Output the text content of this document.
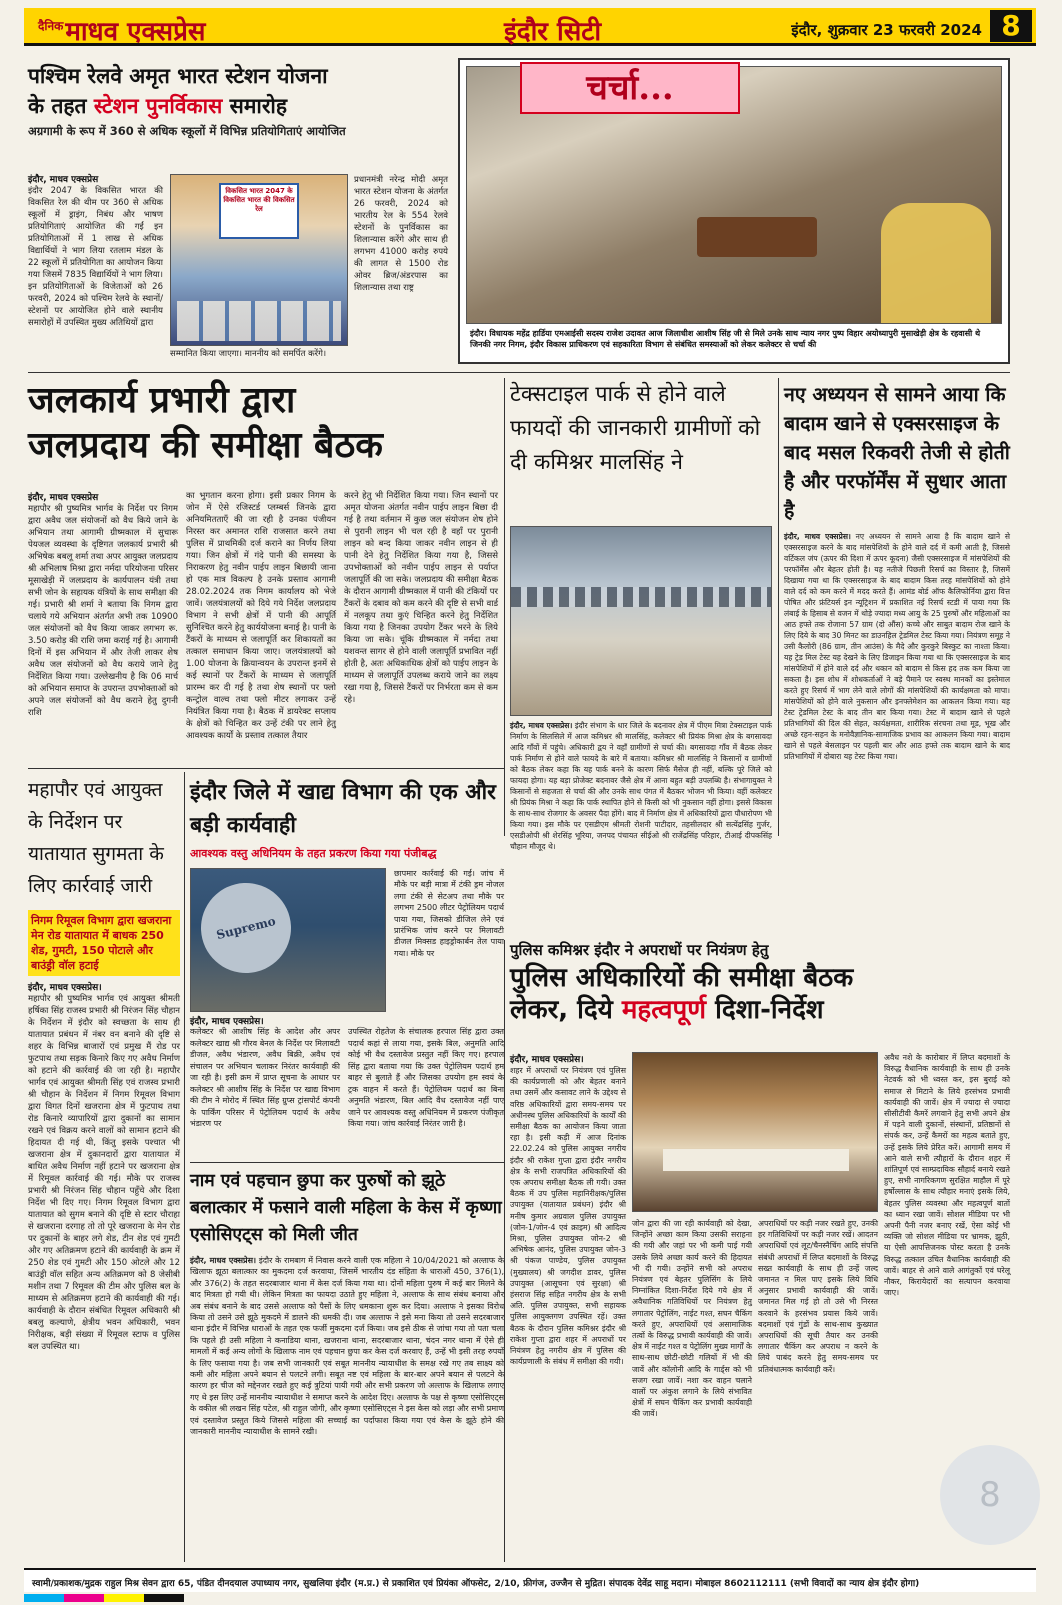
$^{दैनिक}$माधव एक्सप्रेस	इंदौर सिटी	इंदौर, शुक्रवार 23 फरवरी 2024 8
पश्चिम रेलवे अमृत भारत स्टेशन योजना
के तहत स्टेशन पुनर्विकास समारोह
अग्रगामी के रूप में 360 से अधिक स्कूलों में विभिन्न प्रतियोगिताएं आयोजित
इंदौर, माधव एक्सप्रेस
इंदौर 2047 के विकसित भारत की विकसित रेल की थीम पर 360 से अधिक स्कूलों में ड्राइंग, निबंध और भाषण प्रतियोगिताएं आयोजित की गईं इन प्रतियोगिताओं में 1 लाख से अधिक विद्यार्थियों ने भाग लिया रतलाम मंडल के 22 स्कूलों में प्रतियोगिता का आयोजन किया गया जिसमें 7835 विद्यार्थियों ने भाग लिया। इन प्रतियोगिताओं के विजेताओं को 26 फरवरी, 2024 को पश्चिम रेलवे के स्थानों/स्टेशनों पर आयोजित होने वाले स्थानीय समारोहों में उपस्थित मुख्य अतिथियों द्वारा
विकसित भारत 2047 के विकसित भारत की विकसित रेल
प्रधानमंत्री नरेन्द्र मोदी अमृत भारत स्टेशन योजना के अंतर्गत 26 फरवरी, 2024 को भारतीय रेल के 554 रेलवे स्टेशनों के पुनर्विकास का शिलान्यास करेंगे और साथ ही लगभग 41000 करोड़ रुपये की लागत से 1500 रोड ओवर ब्रिज/अंडरपास का शिलान्यास तथा राष्ट्र
सम्मानित किया जाएगा। माननीय को समर्पित करेंगे।
चर्चा...
इंदौर। विधायक महेंद्र हार्डिया एमआईसी सदस्य राजेश उदावत आज जिलाधीश आशीष सिंह जी से मिले उनके साथ न्याय नगर पुष्प विहार अयोध्यापुरी मुसाखेड़ी क्षेत्र के रहवासी थे जिनकी नगर निगम, इंदौर विकास प्राधिकरण एवं सहकारिता विभाग से संबंधित समस्याओं को लेकर कलेक्टर से चर्चा की
जलकार्य प्रभारी द्वारा
जलप्रदाय की समीक्षा बैठक
इंदौर, माधव एक्सप्रेस
महापौर श्री पुष्यमित्र भार्गव के निर्देश पर निगम द्वारा अवैध जल संयोजनों को वैध किये जाने के अभियान तथा आगामी ग्रीष्मकाल में सुचारू पेयजल व्यवस्था के दृष्टिगत जलकार्य प्रभारी श्री अभिषेक बबलू शर्मा तथा अपर आयुक्त जलप्रदाय श्री अभिलाष मिश्रा द्वारा नर्मदा परियोजना परिसर मूसाखेड़ी में जलप्रदाय के कार्यपालन यंत्री तथा सभी जोन के सहायक यंत्रियों के साथ समीक्षा की गई। प्रभारी श्री शर्मा ने बताया कि निगम द्वारा चलाये गये अभियान अंतर्गत अभी तक 10900 जल संयोजनों को वैध किया जाकर लगभग रू. 3.50 करोड़ की राशि जमा कराई गई है। आगामी दिनों में इस अभियान में और तेजी लाकर शेष अवैध जल संयोजनों को वैध कराये जाने हेतु निर्देशित किया गया। उल्लेखनीय है कि 06 मार्च को अभियान समाप्त के उपरान्त उपभोक्ताओं को अपने जल संयोजनों को वैध कराने हेतु दुगनी राशि
का भुगतान करना होगा। इसी प्रकार निगम के जोन में ऐसे रजिस्टर्ड प्लम्बर्स जिनके द्वारा अनियमितताएँ की जा रही है उनका पंजीयन निरस्त कर अमानत राशि राजसात करने तथा पुलिस में प्राथमिकी दर्ज कराने का निर्णय लिया गया। जिन क्षेत्रों में गंदे पानी की समस्या के निराकरण हेतु नवीन पाईप लाइन बिछायी जाना हो एक मात्र विकल्प है उनके प्रस्ताव आगामी 28.02.2024 तक निगम कार्यालय को भेजे जावें। जलयंत्रालयों को दिये गये निर्देश जलप्रदाय विभाग ने सभी क्षेत्रों में पानी की आपूर्ति सुनिश्चित करने हेतु कार्ययोजना बनाई है। पानी के टैंकरों के माध्यम से जलापूर्ति कर शिकायतों का तत्काल समाधान किया जाए। जलयंत्रालयों को 1.00 योजना के क्रियान्वयन के उपरान्त इनमें से कई स्थानों पर टैंकरों के माध्यम से जलापूर्ति प्रारम्भ कर दी गई है तथा शेष स्थानों पर फ्लो कन्ट्रोल वाल्व तथा फ्लो मीटर लगाकर उन्हें नियंत्रित किया गया है। बैठक में डायरेक्ट सप्लाय के क्षेत्रों को चिन्हित कर उन्हें टंकी पर लाने हेतु आवश्यक कार्यों के प्रस्ताव तत्काल तैयार
करने हेतु भी निर्देशित किया गया। जिन स्थानों पर अमृत योजना अंतर्गत नवीन पाईप लाइन बिछा दी गई है तथा वर्तमान में कुछ जल संयोजन शेष होने से पुरानी लाइन भी चल रही है वहाँ पर पुरानी लाइन को बन्द किया जाकर नवीन लाइन से ही पानी देने हेतु निर्देशित किया गया है, जिससे उपभोक्ताओं को नवीन पाईप लाइन से पर्याप्त जलापूर्ति की जा सके। जलप्रदाय की समीक्षा बैठक के दौरान आगामी ग्रीष्मकाल में पानी की टंकियों पर टैंकरों के दबाव को कम करने की दृष्टि से सभी वार्ड में नलकूप तथा कुएं चिन्हित करने हेतु निर्देशित किया गया है जिनका उपयोग टैंकर भरने के लिये किया जा सके। चूंकि ग्रीष्मकाल में नर्मदा तथा यशवन्त सागर से होने वाली जलापूर्ति प्रभावित नहीं होती है, अतः अधिकाधिक क्षेत्रों को पाईप लाइन के माध्यम से जलापूर्ति उपलब्ध कराये जाने का लक्ष्य रखा गया है, जिससे टैंकरों पर निर्भरता कम से कम रहे।
टेक्सटाइल पार्क से होने वाले फायदों की जानकारी ग्रामीणों को दी कमिश्नर मालसिंह ने
इंदौर, माधव एक्सप्रेस। इंदौर संभाग के धार जिले के बदनावर क्षेत्र में पीएम मित्रा टेक्सटाइल पार्क निर्माण के सिलसिले में आज कमिश्नर श्री मालसिंह, कलेक्टर श्री प्रियंक मिश्रा क्षेत्र के बगसावदा आदि गाँवों में पहुंचे। अधिकारी द्वय ने वहाँ ग्रामीणों से चर्चा की। बगसावदा गाँव में बैठक लेकर पार्क निर्माण से होने वाले फायदे के बारे में बताया। कमिश्नर श्री मालसिंह ने किसानों व ग्रामीणों को बैठक लेकर कहा कि यह पार्क बनने के कारण सिर्फ मैसेज ही नहीं, बल्कि पूरे जिले को फायदा होगा। यह बड़ा प्रोजेक्ट बदनावर जैसे क्षेत्र में आना बहुत बड़ी उपलब्धि है। संभागायुक्त ने किसानों से सहजता से चर्चा की और उनके साथ पंगत में बैठकर भोजन भी किया। वहीं कलेक्टर श्री प्रियंक मिश्रा ने कहा कि पार्क स्थापित होने से किसी को भी नुकसान नहीं होगा। इससे विकास के साथ-साथ रोजगार के अवसर पैदा होंगे। बाद में निर्माण क्षेत्र में अधिकारियों द्वारा पौधारोपण भी किया गया। इस मौके पर एसडीएम श्रीमती रोशनी पाटीदार, तहसीलदार श्री सत्येंद्रसिंह गुर्जर, एसडीओपी श्री शेरसिंह भूरिया, जनपद पंचायत सीईओ श्री राजेंद्रसिंह परिहार, टीआई दीपकसिंह चौहान मौजूद थे।
नए अध्ययन से सामने आया कि बादाम खाने से एक्सरसाइज के बाद मसल रिकवरी तेजी से होती है और परफॉर्मेंस में सुधार आता है
इंदौर, माधव एक्सप्रेस। नए अध्ययन से सामने आया है कि बादाम खाने से एक्सरसाइज करने के बाद मांसपेशियों के होने वाले दर्द में कमी आती है, जिससे वर्टिकल जंप (ऊपर की दिशा में ऊपर कूदना) जैसी एक्सरसाइज में मांसपेशियों की परफॉर्मेंस और बेहतर होती है। यह नतीजे पिछली रिसर्च का विस्तार है, जिसमें दिखाया गया था कि एक्सरसाइज के बाद बादाम किस तरह मांसपेशियों को होने वाले दर्द को कम करने में मदद करते हैं। आमंड बोर्ड ऑफ कैलिफोर्निया द्वारा वित्त पोषित और फ्रंटियर्स इन न्यूट्रिशन में प्रकाशित नई रिसर्च स्टडी में पाया गया कि लंबाई के हिसाब से वजन में थोड़े ज्यादा मध्य आयु के 25 पुरुषों और महिलाओं का आठ हफ्ते तक रोजाना 57 ग्राम (दो औंस) कच्चे और साबुत बादाम रोज खाने के लिए दिये के बाद 30 मिनट का डाउनहिल ट्रेडमिल टेस्ट किया गया। नियंत्रण समूह ने उसी कैलोरी (86 ग्राम, तीन आउंस) के मैदे और कुरकुरे बिस्कुट का नाश्ता किया। यह ट्रेड मिल टेस्ट यह देखने के लिए डिजाइन किया गया था कि एक्सरसाइज के बाद मांसपेशियों में होने वाले दर्द और थकान को बादाम से किस हद तक कम किया जा सकता है। इस शोध में शोधकर्ताओं ने बड़े पैमाने पर स्वस्थ मानकों का इस्तेमाल करते हुए रिसर्च में भाग लेने वाले लोगों की मांसपेशियों की कार्यक्षमता को मापा। मांसपेशियों को होने वाले नुकसान और इनफ्लेमेशन का आकलन किया गया। यह टेस्ट ट्रेडमिल टेस्ट के बाद तीन बार किया गया। टेस्ट में बादाम खाने से पहले प्रतिभागियों की दिल की सेहत, कार्यक्षमता, शारीरिक संरचना तथा मूड, भूख और अच्छे रहन-सहन के मनोवैज्ञानिक-सामाजिक प्रभाव का आकलन किया गया। बादाम खाने से पहले बेसलाइन पर पहली बार और आठ हफ्ते तक बादाम खाने के बाद प्रतिभागियों में दोबारा यह टेस्ट किया गया।
महापौर एवं आयुक्त के निर्देशन पर यातायात सुगमता के लिए कार्रवाई जारी
निगम रिमूवल विभाग द्वारा खजराना मेन रोड यातायात में बाधक 250 शेड, गुमटी, 150 पोटाले और बाउंड्री वॉल हटाई
इंदौर, माधव एक्सप्रेस।
महापौर श्री पुष्यमित्र भार्गव एवं आयुक्त श्रीमती हर्षिका सिंह राजस्व प्रभारी श्री निरंजन सिंह चौहान के निर्देशन में इंदौर को स्वच्छता के साथ ही यातायात प्रबंधन में नंबर वन बनाने की दृष्टि से शहर के विभिन्न बाजारों एवं प्रमुख मैं रोड पर फुटपाथ तथा सड़क किनारे किए गए अवैध निर्माण को हटाने की कार्रवाई की जा रही है। महापौर भार्गव एवं आयुक्त श्रीमती सिंह एवं राजस्व प्रभारी श्री चौहान के निर्देशन में निगम रिमूवल विभाग द्वारा विगत दिनों खजराना क्षेत्र में फुटपाथ तथा रोड किनारे व्यापारियों द्वारा दुकानों का सामान रखने एवं विक्रय करने वालों को सामान हटाने की हिदायत दी गई थी, किंतु इसके पश्चात भी खजराना क्षेत्र में दुकानदारों द्वारा यातायात में बाधित अवैध निर्माण नहीं हटाने पर खजराना क्षेत्र में रिमूवल कार्रवाई की गई। मौके पर राजस्व प्रभारी श्री निरंजन सिंह चौहान पहुँचे और दिशा निर्देश भी दिए गए। निगम रिमूवल विभाग द्वारा यातायात को सुगम बनाने की दृष्टि से स्टार चौराहा से खजराना दरगाह तो तो पूरे खजराना के मेन रोड पर दुकानों के बाहर लगे शेड, टीन शेड एवं गुमटी और गए अतिक्रमण हटाने की कार्यवाही के क्रम में 250 शेड एवं गुमटी और 150 ओटले और 12 बाउंड्री वॉल सहित अन्य अतिक्रमण को 8 जेसीबी मशीन तथा 7 रिमूवल की टीम और पुलिस बल के माध्यम से अतिक्रमण हटाने की कार्यवाही की गई। कार्यवाही के दौरान संबंधित रिमूवल अधिकारी श्री बबलु कल्याणे, क्षेत्रीय भवन अधिकारी, भवन निरीक्षक, बड़ी संख्या में रिमूवल स्टाफ व पुलिस बल उपस्थित था।
इंदौर जिले में खाद्य विभाग की एक और बड़ी कार्यवाही
आवश्यक वस्तु अधिनियम के तहत प्रकरण किया गया पंजीबद्ध
Supremo
छापमार कार्रवाई की गई। जांच में मौके पर बड़ी मात्रा में टंकी ड्रम नोजल लगा टंकी से सेटअप तथा मौके पर लगभग 2500 लीटर पेट्रोलियम पदार्थ पाया गया, जिसको डीजिल लेने एवं प्रारंभिक जांच करने पर मिलावटी डीजल मिक्सड हाइड्रोकार्बन तेल पाया गया। मौके पर
इंदौर, माधव एक्सप्रेस।
कलेक्टर श्री आशीष सिंह के आदेश और अपर कलेक्टर खाद्य श्री गौरव बेनल के निर्देश पर मिलावटी डीजल, अवैध भंडारण, अवैध बिक्री, अवैध एवं संचालन पर अभियान चलाकर निरंतर कार्यवाही की जा रही है। इसी क्रम में प्राप्त सूचना के आधार पर कलेक्टर श्री आशीष सिंह के निर्देश पर खाद्य विभाग की टीम ने मोरोद में स्थित सिंह ग्रुप्स ट्रांसपोर्ट कंपनी के पार्किंग परिसर में पेट्रोलियम पदार्थ के अवैध भंडारण पर
उपस्थित रोहतेज के संचालक हरपाल सिंह द्वारा उक्त पदार्थ कहां से लाया गया, इसके बिल, अनुमति आदि कोई भी वैध दस्तावेज प्रस्तुत नहीं किए गए। हरपाल सिंह द्वारा बताया गया कि उक्त पेट्रोलियम पदार्थ हम बाहर से बुलाते हैं और जिसका उपयोग हम स्वयं के ट्रक वाहन में करते हैं। पेट्रोलियम पदार्थ का बिना अनुमति भंडारण, बिल आदि वैध दस्तावेज नहीं पाए जाने पर आवश्यक वस्तु अधिनियम में प्रकरण पंजीकृत किया गया। जांच कार्रवाई निरंतर जारी है।
नाम एवं पहचान छुपा कर पुरुषों को झूठे बलात्कार में फसाने वाली महिला के केस में कृष्णा एसोसिएट्स को मिली जीत
इंदौर, माधव एक्सप्रेस। इंदौर के रामबाग में निवास करने वाली एक महिला ने 10/04/2021 को अल्ताफ के खिलाफ झूठा बलात्कार का मुकदमा दर्ज करवाया, जिसमें भारतीय दंड संहिता के धाराओं 450, 376(1), और 376(2) के तहत सदरबाजार थाना में केस दर्ज किया गया था। दोनों महिला पुरुष में कई बार मिलने के बाद मित्रता हो गयी थी। लेकिन मित्रता का फायदा उठाते हुए महिला ने, अल्ताफ के साथ संबंध बनाया और अब संबंध बनाने के बाद उससे अल्ताफ को पैसों के लिए धमकाना शुरू कर दिया। अल्ताफ ने इसका विरोध किया तो उसने उसे झूठे मुकदमे में डालने की धमकी दी। जब अल्ताफ ने इसे मना किया तो उसने सदरबाजार थाना इंदौर में विभिन्न धाराओं के तहत एक फर्जी मुकदमा दर्ज किया। जब इसे ठीक से जांचा गया तो पता चला कि पहले ही उसी महिला ने कनाडिया थाना, खजराना थाना, सदरबाजार थाना, चंदन नगर थाना में ऐसे ही मामलों में कई अन्य लोगों के खिलाफ नाम एवं पहचान छुपा कर केस दर्ज करवाए हैं, उन्हें भी इसी तरह रुपयों के लिए फसाया गया है। जब सभी जानकारी एवं सबूत माननीय न्यायाधीश के समक्ष रखे गए तब साक्ष्य को कमी और महिला अपने बयान से पलटने लगी। सबूत नष्ट एवं महिला के बार-बार अपने बयान से पलटने के कारण हर चीज को मद्देनजर रखते हुए कई त्रुटियां पायी गयी और सभी प्रकरण जो अल्ताफ के खिलाफ लगाए गए थे इस लिए उन्हें माननीय न्यायाधीश ने समाप्त करने के आदेश दिए। अल्ताफ के पक्ष से कृष्णा एसोसिएट्स के वकील श्री लखन सिंह पटेल, श्री राहुल जोगी, और कृष्णा एसोसिएट्स ने इस केस को लड़ा और सभी प्रमाण एवं दस्तावेज प्रस्तुत किये जिससे महिला की सच्चाई का पर्दाफाश किया गया एवं केस के झूठे होने की जानकारी माननीय न्यायाधीश के सामने रखी।
पुलिस कमिश्नर इंदौर ने अपराधों पर नियंत्रण हेतु
पुलिस अधिकारियों की समीक्षा बैठक
लेकर, दिये महत्वपूर्ण दिशा-निर्देश
इंदौर, माधव एक्सप्रेस।
शहर में अपराधों पर नियंत्रण एवं पुलिस की कार्यप्रणाली को और बेहतर बनाने तथा उसमें और कसावट लाने के उद्देश्य से वरिष्ठ अधिकारियों द्वारा समय-समय पर अधीनस्थ पुलिस अधिकारियों के कार्यों की समीक्षा बैठक का आयोजन किया जाता रहा है। इसी कड़ी में आज दिनांक 22.02.24 को पुलिस आयुक्त नगरीय इंदौर श्री राकेश गुप्ता द्वारा इंदौर नगरीय क्षेत्र के सभी राजपत्रित अधिकारियों की एक अपराध समीक्षा बैठक ली गयी। उक्त बैठक में उप पुलिस महानिरीक्षक/पुलिस उपायुक्त (यातायात प्रबंधन) इंदौर श्री मनीष कुमार अग्रवाल पुलिस उपायुक्त (जोन-1/जोन-4 एवं क्राइम) श्री आदित्य मिश्रा, पुलिस उपायुक्त जोन-2 श्री अभिषेक आनंद, पुलिस उपायुक्त जोन-3 श्री पंकज पाण्डेय, पुलिस उपायुक्त (मुख्यालय) श्री जगदीश डावर, पुलिस उपायुक्त (आसूचना एवं सुरक्षा) श्री हंसराज सिंह सहित नगरीय क्षेत्र के सभी अति. पुलिस उपायुक्त, सभी सहायक पुलिस आयुक्तगण उपस्थित रहें। उक्त बैठक के दौरान पुलिस कमिश्नर इंदौर श्री राकेश गुप्ता द्वारा शहर में अपराधों पर नियंत्रण हेतु नगरीय क्षेत्र में पुलिस की कार्यप्रणाली के संबंध में समीक्षा की गयी।
जोन द्वारा की जा रही कार्यवाही को देखा, जिन्होंने अच्छा काम किया उसकी सराहना की गयी और जहां पर भी कमी पाई गयी उसके लिये अच्छा कार्य करने की हिदायत भी दी गयी। उन्होंने सभी को अपराध नियंत्रण एवं बेहतर पुलिसिंग के लिये निम्नांकित दिशा-निर्देश दिये गये क्षेत्र में अवैधानिक गतिविधियों पर नियंत्रण हेतु लगातार पेट्रोलिंग, नाईट गश्त, सघन चैकिंग करते हुए, अपराधियों एवं असामाजिक तत्वों के विरुद्ध प्रभावी कार्यवाही की जावें। क्षेत्र में नाईट गश्त व पेट्रोलिंग मुख्य मार्गों के साथ-साथ छोटी-छोटी गलियों में भी की जावें और कॉलोनी आदि के गार्ड्स को भी सजग रखा जावें। नशा कर वाहन चलाने वालों पर अंकुश लगाने के लिये संभावित क्षेत्रों में सघन चैकिंग कर प्रभावी कार्यवाही की जावें।
अपराधियों पर कड़ी नजर रखते हुए, उनकी हर गतिविधियों पर कड़ी नजर रखें। आदतन अपराधियों एवं लूट/चैनस्नैचिंग आदि संपत्ति संबंधी अपराधों में लिप्त बदमाशों के विरुद्ध सख्त कार्यवाही के साथ ही उन्हें जल्द जमानत न मिल पाए इसके लिये विधि अनुसार प्रभावी कार्यवाही की जावें। जमानत मिल गई हो तो उसे भी निरस्त करवाने के हरसंभव प्रयास किये जावें। बदमाशों एवं गुंडों के साथ-साथ कुख्यात अपराधियों की सूची तैयार कर उनकी लगातार चैकिंग कर अपराध न करने के लिये पाबंद करने हेतु समय-समय पर प्रतिबंधात्मक कार्यवाही करें।
अवैध नशे के कारोबार में लिप्त बदमाशों के विरुद्ध वैधानिक कार्यवाही के साथ ही उनके नेटवर्क को भी ध्वस्त कर, इस बुराई को समाज से मिटाने के लिये हरसंभव प्रभावी कार्यवाही की जावें। क्षेत्र में ज्यादा से ज्यादा सीसीटीवी कैमरें लगवाने हेतु सभी अपने क्षेत्र में पड़ने वाली दुकानों, संस्थानों, प्रतिष्ठानों से संपर्क कर, उन्हें कैमरों का महत्व बताते हुए, उन्हें इसके लिये प्रेरित करें। आगामी समय में आने वाले सभी त्यौहारों के दौरान शहर में शांतिपूर्ण एवं साम्प्रदायिक सौहार्द बनाये रखते हुए, सभी नागरिकगण सुरक्षित माहौल में पूरे हर्षोल्लास के साथ त्यौहार मनाएं इसके लिये, बेहतर पुलिस व्यवस्था और महत्वपूर्ण बातों का ध्यान रखा जावें। सोशल मीडिया पर भी अपनी पैनी नजर बनाए रखें, ऐसा कोई भी व्यक्ति जो सोशल मीडिया पर भ्रामक, झूठी, या ऐसी आपत्तिजनक पोस्ट करता है उनके विरुद्ध तत्काल उचित वैधानिक कार्यवाही की जावें। बाहर से आने वाले आगंतुकों एवं घरेलू नौकर, किरायेदारों का सत्यापन करवाया जाए।
8
स्वामी/प्रकाशक/मुद्रक राहुल मिश्र सेवन द्वारा 65, पंडित दीनदयाल उपाध्याय नगर, सुखलिया इंदौर (म.प्र.) से प्रकाशित एवं प्रियंका ऑफसेट, 2/10, फ्रीगंज, उज्जैन से मुद्रित। संपादक देवेंद्र साहू मदान। मोबाइल 8602112111 (सभी विवादों का न्याय क्षेत्र इंदौर होगा)
